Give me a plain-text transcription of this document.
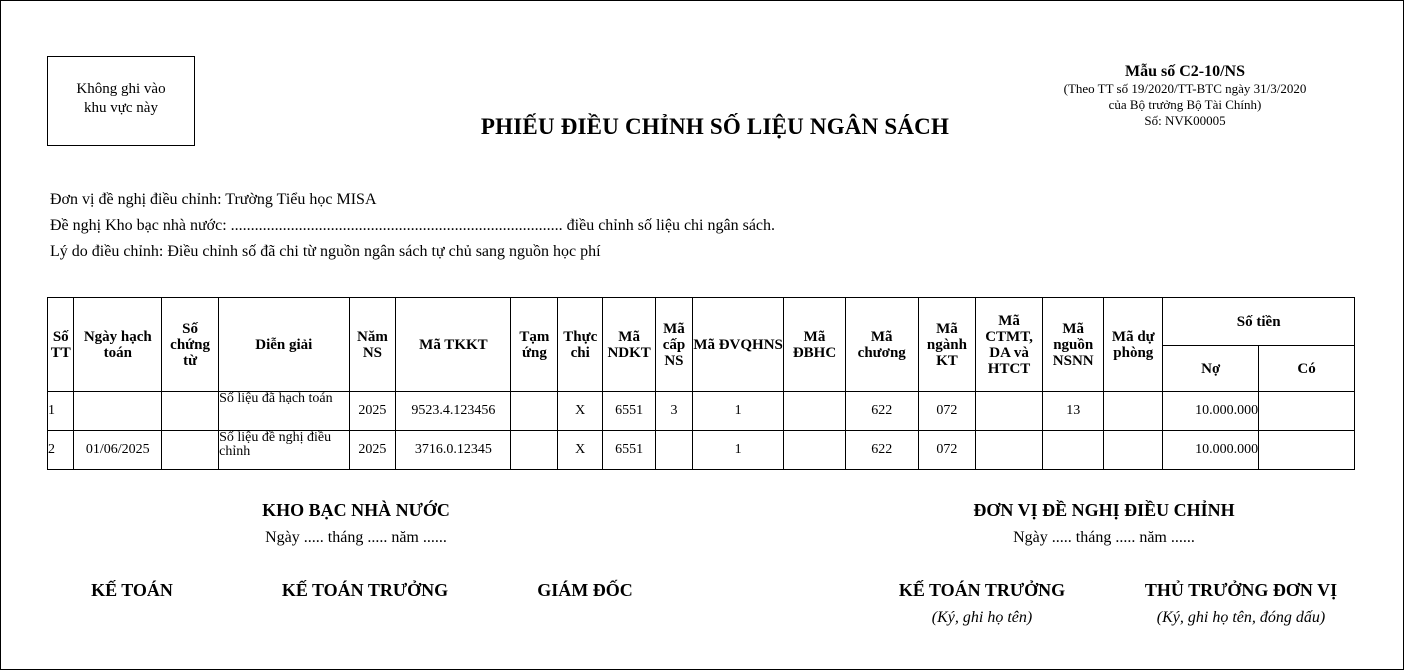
Không ghi vào
khu vực này
Mẫu số C2-10/NS
(Theo TT số 19/2020/TT-BTC ngày 31/3/2020
của Bộ trưởng Bộ Tài Chính)
Số: NVK00005
PHIẾU ĐIỀU CHỈNH SỐ LIỆU NGÂN SÁCH
Đơn vị đề nghị điều chỉnh: Trường Tiểu học MISA
Đề nghị Kho bạc nhà nước: ................................................................................... điều chỉnh số liệu chi ngân sách.
Lý do điều chỉnh: Điều chỉnh số đã chi từ nguồn ngân sách tự chủ sang nguồn học phí
Số TT	Ngày hạch toán	Số chứng từ	Diễn giải	Năm NS	Mã TKKT	Tạm ứng	Thực chi	Mã NDKT	Mã cấp NS	Mã ĐVQHNS	Mã ĐBHC	Mã chương	Mã ngành KT	Mã CTMT, DA và HTCT	Mã nguồn NSNN	Mã dự phòng	Số tiền	
																	Nợ	Có
1			Số liệu đã hạch toán	2025	9523.4.123456		X	6551	3	1		622	072		13		10.000.000	
2	01/06/2025		Số liệu đề nghị điều chỉnh	2025	3716.0.12345		X	6551		1		622	072				10.000.000	
KHO BẠC NHÀ NƯỚC
Ngày ..... tháng ..... năm ......
ĐƠN VỊ ĐỀ NGHỊ ĐIỀU CHỈNH
Ngày ..... tháng ..... năm ......
KẾ TOÁN	KẾ TOÁN TRƯỞNG	GIÁM ĐỐC	KẾ TOÁN TRƯỞNG
(Ký, ghi họ tên)
THỦ TRƯỞNG ĐƠN VỊ
(Ký, ghi họ tên, đóng dấu)
